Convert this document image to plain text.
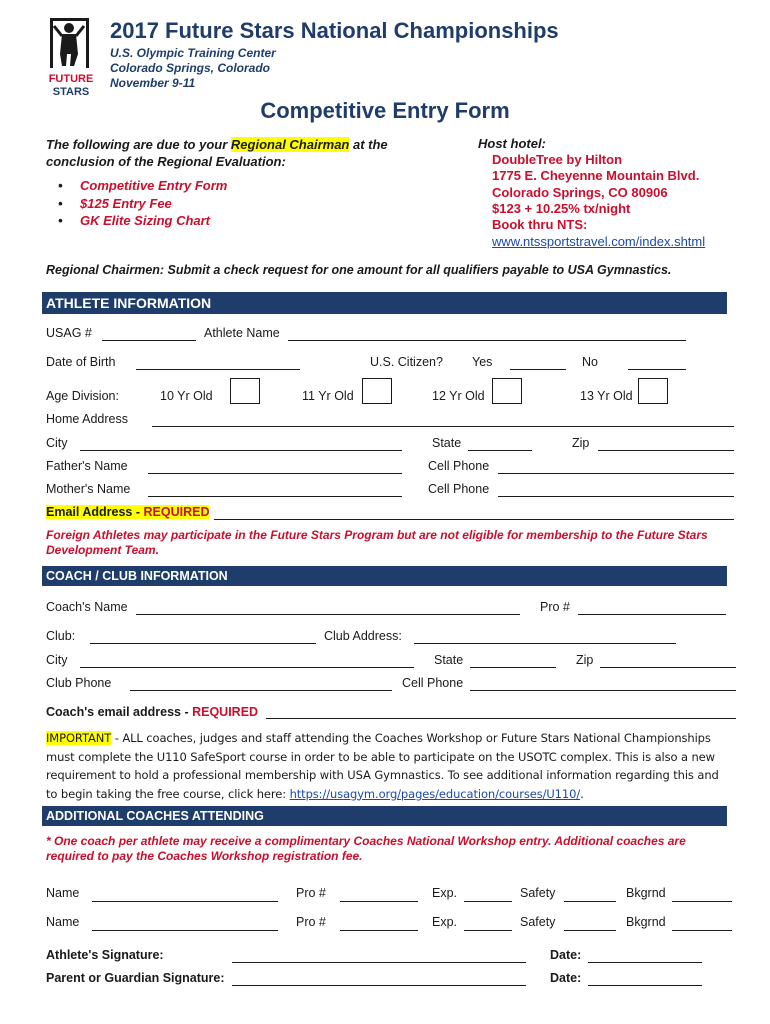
FUTURE
STARS
2017 Future Stars National Championships
U.S. Olympic Training Center
Colorado Springs, Colorado
November 9-11
Competitive Entry Form
The following are due to your Regional Chairman at the conclusion of the Regional Evaluation:
• Competitive Entry Form
• $125 Entry Fee
• GK Elite Sizing Chart
Host hotel:
DoubleTree by Hilton
1775 E. Cheyenne Mountain Blvd.
Colorado Springs, CO 80906
$123 + 10.25% tx/night
Book thru NTS:
www.ntssportstravel.com/index.shtml
Regional Chairmen: Submit a check request for one amount for all qualifiers payable to USA Gymnastics.
ATHLETE INFORMATION
USAG #	Athlete Name
Date of Birth	U.S. Citizen? Yes	No
Age Division:	10 Yr Old	11 Yr Old	12 Yr Old	13 Yr Old
Home Address
City	State	Zip
Father's Name	Cell Phone
Mother's Name	Cell Phone
Email Address - REQUIRED
Foreign Athletes may participate in the Future Stars Program but are not eligible for membership to the Future Stars Development Team.
COACH / CLUB INFORMATION
Coach's Name	Pro #
Club:	Club Address:
City	State	Zip
Club Phone	Cell Phone
Coach's email address - REQUIRED
IMPORTANT - ALL coaches, judges and staff attending the Coaches Workshop or Future Stars National Championships must complete the U110 SafeSport course in order to be able to participate on the USOTC complex. This is also a new requirement to hold a professional membership with USA Gymnastics. To see additional information regarding this and to begin taking the free course, click here: https://usagym.org/pages/education/courses/U110/.
ADDITIONAL COACHES ATTENDING
* One coach per athlete may receive a complimentary Coaches National Workshop entry. Additional coaches are required to pay the Coaches Workshop registration fee.
Name	Pro #	Exp.	Safety	Bkgrnd
Name	Pro #	Exp.	Safety	Bkgrnd
Athlete's Signature:	Date:
Parent or Guardian Signature:	Date:
